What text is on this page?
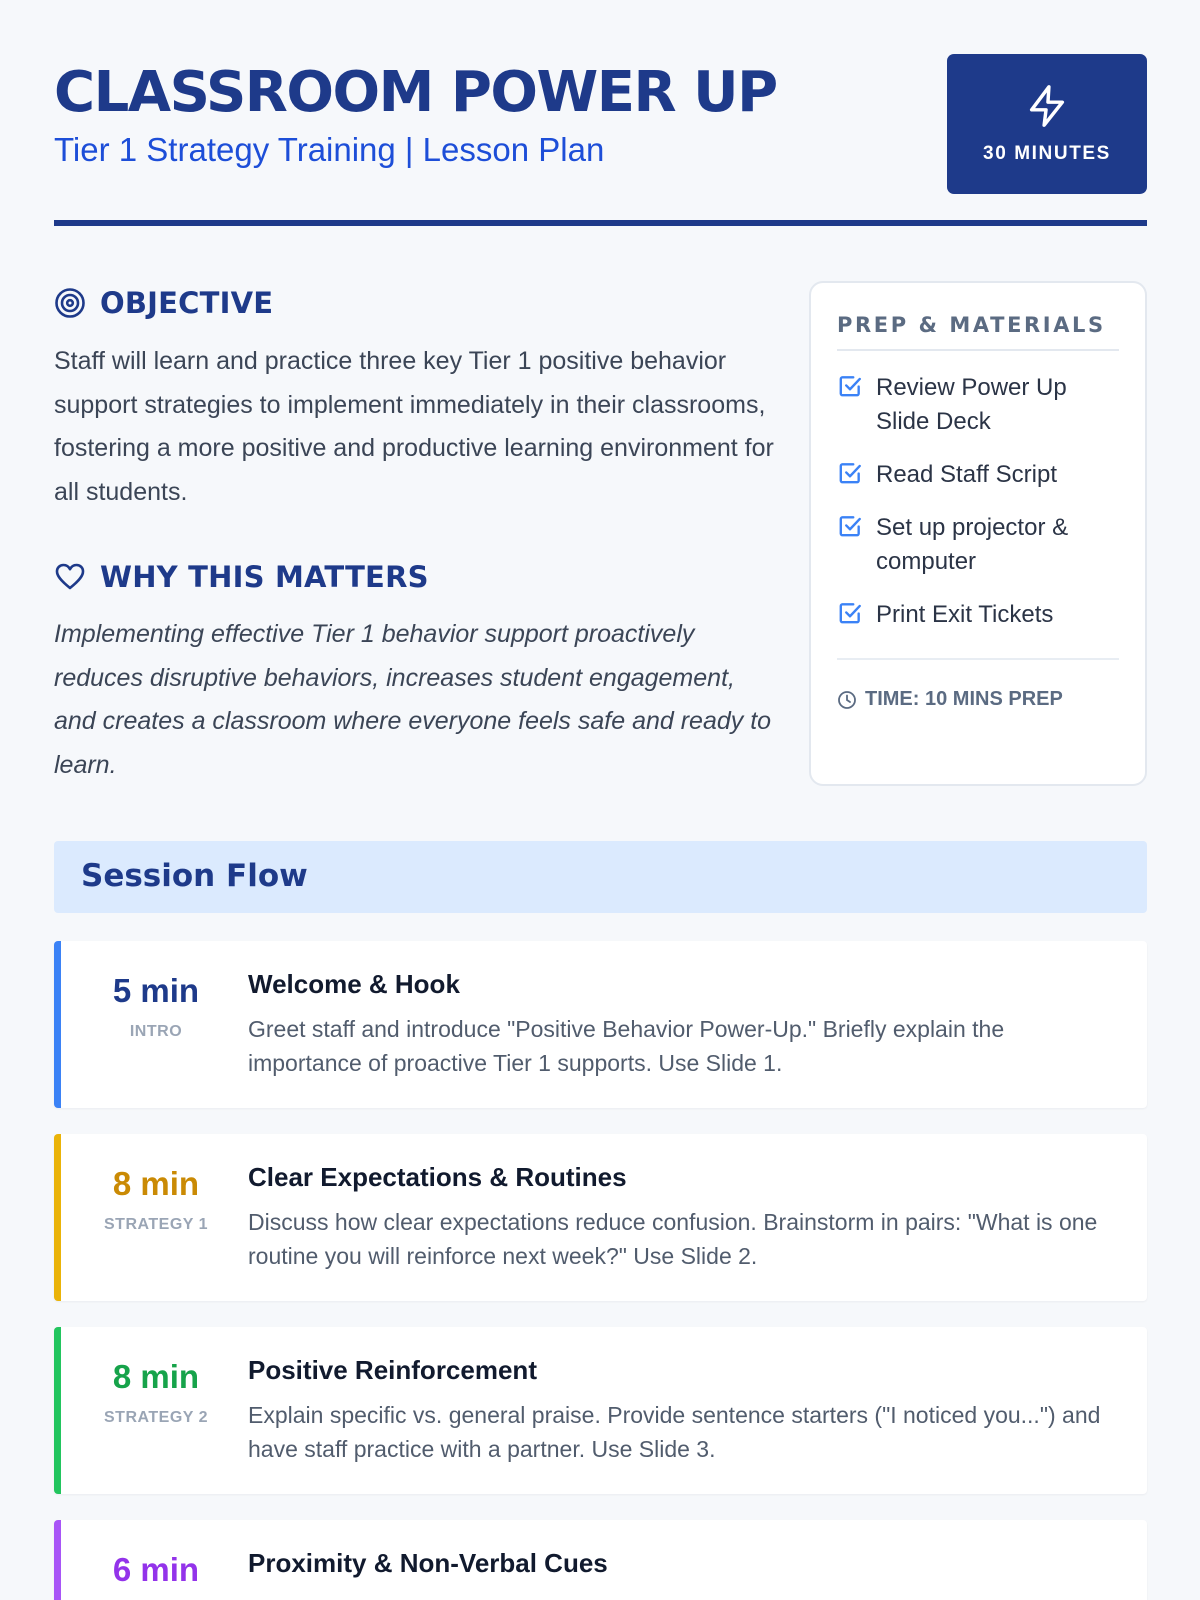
CLASSROOM POWER UP
Tier 1 Strategy Training | Lesson Plan	30 MINUTES
OBJECTIVE

Staff will learn and practice three key Tier 1 positive behavior support strategies to implement immediately in their classrooms, fostering a more positive and productive learning environment for all students.

WHY THIS MATTERS

Implementing effective Tier 1 behavior support proactively reduces disruptive behaviors, increases student engagement, and creates a classroom where everyone feels safe and ready to learn.

PREP & MATERIALS
Review Power Up Slide Deck
Read Staff Script
Set up projector & computer
Print Exit Tickets
TIME: 10 MINS PREP
Session Flow
5 min
INTRO
Welcome & Hook
Greet staff and introduce "Positive Behavior Power-Up." Briefly explain the importance of proactive Tier 1 supports. Use Slide 1.
8 min
STRATEGY 1
Clear Expectations & Routines
Discuss how clear expectations reduce confusion. Brainstorm in pairs: "What is one routine you will reinforce next week?" Use Slide 2.
8 min
STRATEGY 2
Positive Reinforcement
Explain specific vs. general praise. Provide sentence starters ("I noticed you...") and have staff practice with a partner. Use Slide 3.
6 min	Proximity & Non-Verbal Cues
